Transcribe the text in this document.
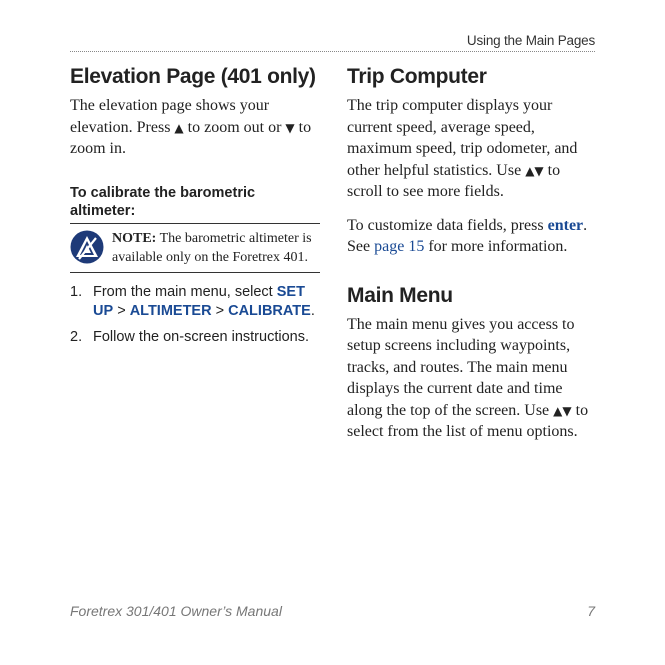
Using the Main Pages
Elevation Page (401 only)

The elevation page shows your elevation. Press ▲ to zoom out or ▼ to zoom in.

To calibrate the barometric altimeter:
NOTE: The barometric altimeter is available only on the Foretrex 401.
1. From the main menu, select SET UP > ALTIMETER > CALIBRATE.
2. Follow the on-screen instructions.
Trip Computer

The trip computer displays your current speed, average speed, maximum speed, trip odometer, and other helpful statistics. Use ▲▼ to scroll to see more fields.

To customize data fields, press enter. See page 15 for more information.

Main Menu

The main menu gives you access to setup screens including waypoints, tracks, and routes. The main menu displays the current date and time along the top of the screen. Use ▲▼ to select from the list of menu options.

Foretrex 301/401 Owner’s Manual	7
